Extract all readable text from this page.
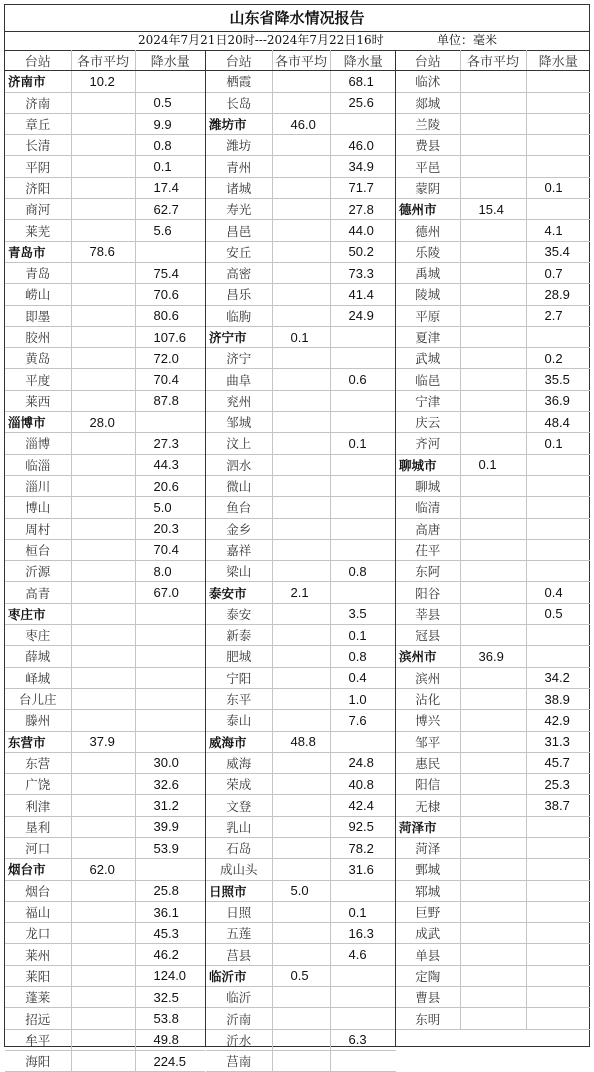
山东省降水情况报告
2024年7月21日20时---2024年7月22日16时	单位：毫米
台站	各市平均	降水量
济南市	10.2	
济南		0.5
章丘		9.9
长清		0.8
平阴		0.1
济阳		17.4
商河		62.7
莱芜		5.6
青岛市	78.6	
青岛		75.4
崂山		70.6
即墨		80.6
胶州		107.6
黄岛		72.0
平度		70.4
莱西		87.8
淄博市	28.0	
淄博		27.3
临淄		44.3
淄川		20.6
博山		5.0
周村		20.3
桓台		70.4
沂源		8.0
高青		67.0
枣庄市		
枣庄		
薛城		
峄城		
台儿庄		
滕州		
东营市	37.9	
东营		30.0
广饶		32.6
利津		31.2
垦利		39.9
河口		53.9
烟台市	62.0	
烟台		25.8
福山		36.1
龙口		45.3
莱州		46.2
莱阳		124.0
蓬莱		32.5
招远		53.8
牟平		49.8
海阳		224.5
台站	各市平均	降水量
栖霞		68.1
长岛		25.6
潍坊市	46.0	
潍坊		46.0
青州		34.9
诸城		71.7
寿光		27.8
昌邑		44.0
安丘		50.2
高密		73.3
昌乐		41.4
临朐		24.9
济宁市	0.1	
济宁		
曲阜		0.6
兖州		
邹城		
汶上		0.1
泗水		
微山		
鱼台		
金乡		
嘉祥		
梁山		0.8
泰安市	2.1	
泰安		3.5
新泰		0.1
肥城		0.8
宁阳		0.4
东平		1.0
泰山		7.6
威海市	48.8	
威海		24.8
荣成		40.8
文登		42.4
乳山		92.5
石岛		78.2
成山头		31.6
日照市	5.0	
日照		0.1
五莲		16.3
莒县		4.6
临沂市	0.5	
临沂		
沂南		
沂水		6.3
莒南		
台站	各市平均	降水量
临沭		
郯城		
兰陵		
费县		
平邑		
蒙阴		0.1
德州市	15.4	
德州		4.1
乐陵		35.4
禹城		0.7
陵城		28.9
平原		2.7
夏津		
武城		0.2
临邑		35.5
宁津		36.9
庆云		48.4
齐河		0.1
聊城市	0.1	
聊城		
临清		
高唐		
茌平		
东阿		
阳谷		0.4
莘县		0.5
冠县		
滨州市	36.9	
滨州		34.2
沾化		38.9
博兴		42.9
邹平		31.3
惠民		45.7
阳信		25.3
无棣		38.7
菏泽市		
菏泽		
鄄城		
郓城		
巨野		
成武		
单县		
定陶		
曹县		
东明		
